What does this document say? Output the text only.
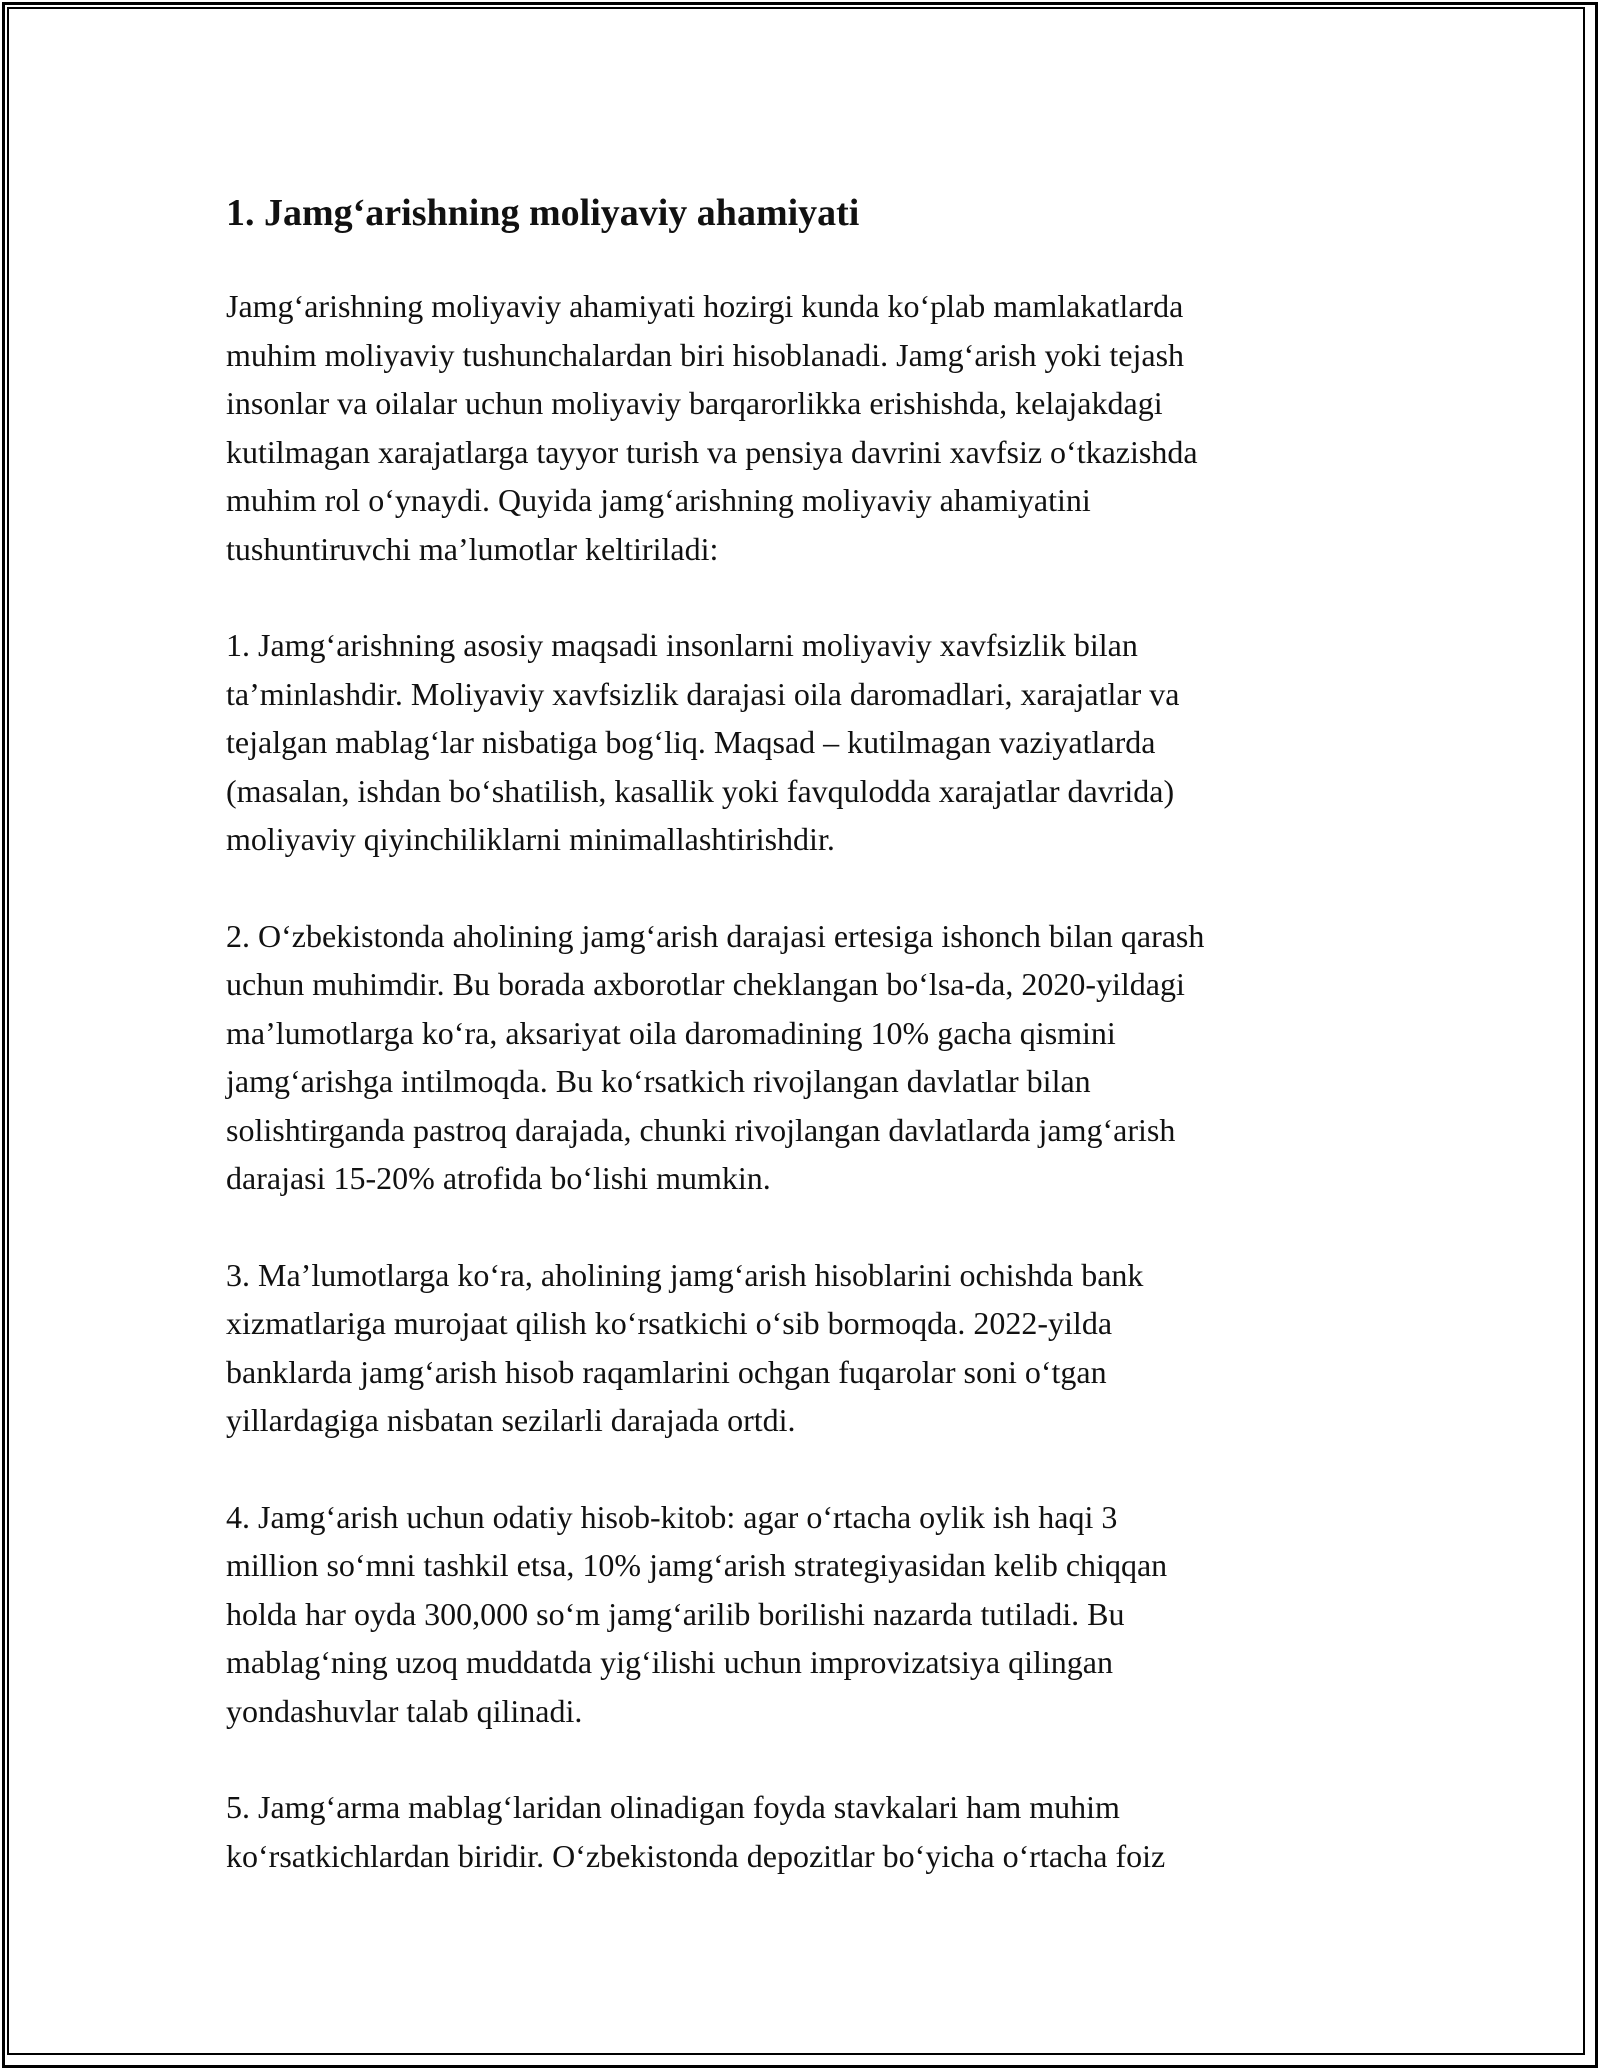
1. Jamg‘arishning moliyaviy ahamiyati

Jamg‘arishning moliyaviy ahamiyati hozirgi kunda ko‘plab mamlakatlarda
muhim moliyaviy tushunchalardan biri hisoblanadi. Jamg‘arish yoki tejash
insonlar va oilalar uchun moliyaviy barqarorlikka erishishda, kelajakdagi
kutilmagan xarajatlarga tayyor turish va pensiya davrini xavfsiz o‘tkazishda
muhim rol o‘ynaydi. Quyida jamg‘arishning moliyaviy ahamiyatini
tushuntiruvchi ma’lumotlar keltiriladi:

1. Jamg‘arishning asosiy maqsadi insonlarni moliyaviy xavfsizlik bilan
ta’minlashdir. Moliyaviy xavfsizlik darajasi oila daromadlari, xarajatlar va
tejalgan mablag‘lar nisbatiga bog‘liq. Maqsad – kutilmagan vaziyatlarda
(masalan, ishdan bo‘shatilish, kasallik yoki favqulodda xarajatlar davrida)
moliyaviy qiyinchiliklarni minimallashtirishdir.

2. O‘zbekistonda aholining jamg‘arish darajasi ertesiga ishonch bilan qarash
uchun muhimdir. Bu borada axborotlar cheklangan bo‘lsa-da, 2020-yildagi
ma’lumotlarga ko‘ra, aksariyat oila daromadining 10% gacha qismini
jamg‘arishga intilmoqda. Bu ko‘rsatkich rivojlangan davlatlar bilan
solishtirganda pastroq darajada, chunki rivojlangan davlatlarda jamg‘arish
darajasi 15-20% atrofida bo‘lishi mumkin.

3. Ma’lumotlarga ko‘ra, aholining jamg‘arish hisoblarini ochishda bank
xizmatlariga murojaat qilish ko‘rsatkichi o‘sib bormoqda. 2022-yilda
banklarda jamg‘arish hisob raqamlarini ochgan fuqarolar soni o‘tgan
yillardagiga nisbatan sezilarli darajada ortdi.

4. Jamg‘arish uchun odatiy hisob-kitob: agar o‘rtacha oylik ish haqi 3
million so‘mni tashkil etsa, 10% jamg‘arish strategiyasidan kelib chiqqan
holda har oyda 300,000 so‘m jamg‘arilib borilishi nazarda tutiladi. Bu
mablag‘ning uzoq muddatda yig‘ilishi uchun improvizatsiya qilingan
yondashuvlar talab qilinadi.

5. Jamg‘arma mablag‘laridan olinadigan foyda stavkalari ham muhim
ko‘rsatkichlardan biridir. O‘zbekistonda depozitlar bo‘yicha o‘rtacha foiz
